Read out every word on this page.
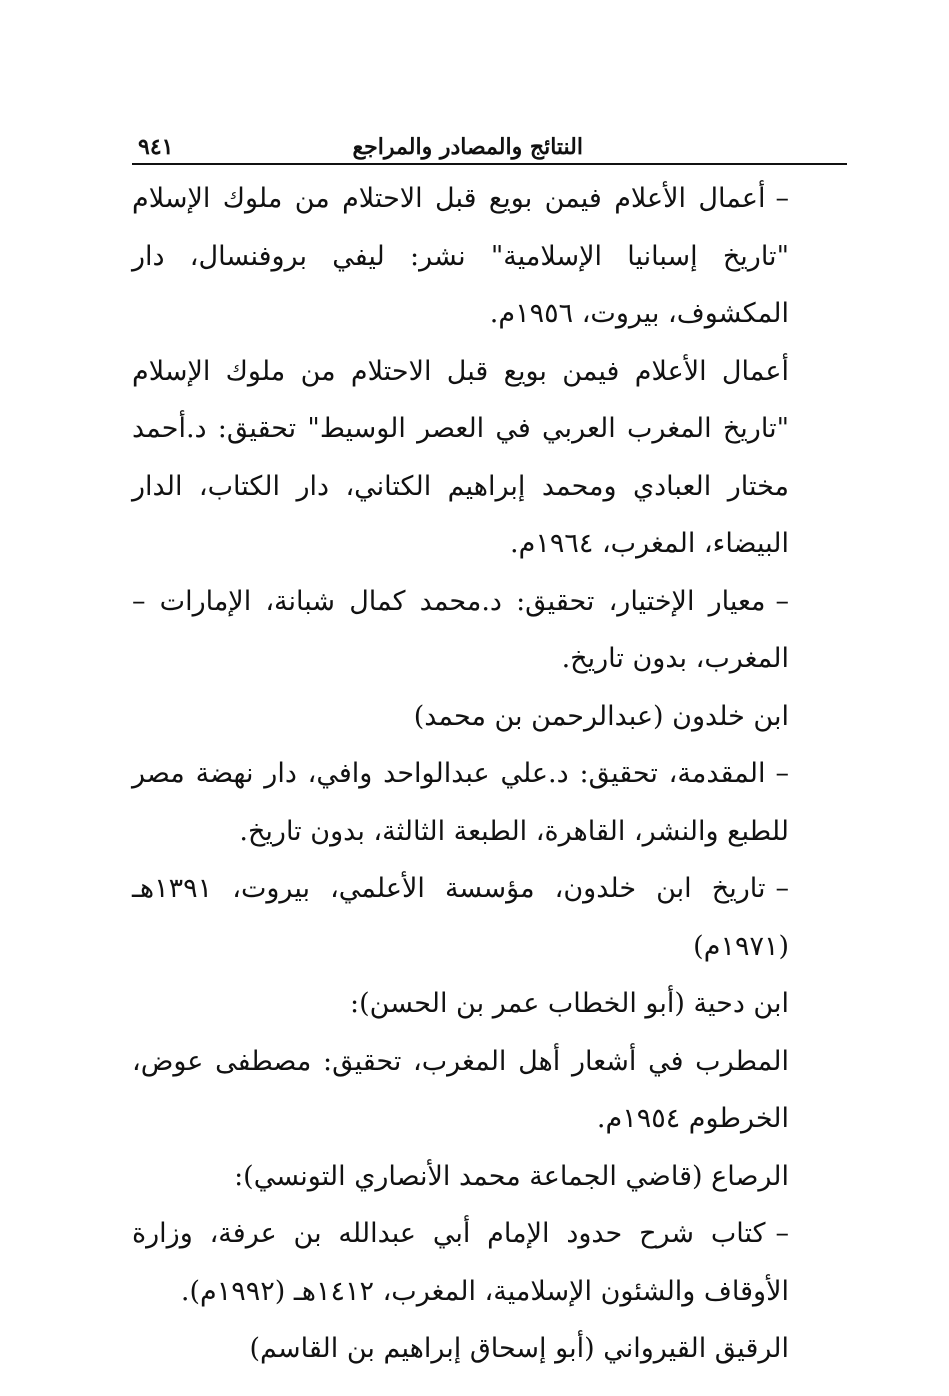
النتائج والمصادر والمراجع
٩٤١

–أعمال الأعلام فيمن بويع قبل الاحتلام من ملوك الإسلام "تاريخ إسبانيا الإسلامية" نشر: ليفي بروفنسال، دار المكشوف، بيروت، ١٩٥٦م.

أعمال الأعلام فيمن بويع قبل الاحتلام من ملوك الإسلام "تاريخ المغرب العربي في العصر الوسيط" تحقيق: د.أحمد مختار العبادي ومحمد إبراهيم الكتاني، دار الكتاب، الدار البيضاء، المغرب، ١٩٦٤م.

–معيار الإختيار، تحقيق: د.محمد كمال شبانة، الإمارات – المغرب، بدون تاريخ.

ابن خلدون (عبدالرحمن بن محمد)

–المقدمة، تحقيق: د.علي عبدالواحد وافي، دار نهضة مصر للطبع والنشر، القاهرة، الطبعة الثالثة، بدون تاريخ.

–تاريخ ابن خلدون، مؤسسة الأعلمي، بيروت، ١٣٩١هـ (١٩٧١م)

ابن دحية (أبو الخطاب عمر بن الحسن):

المطرب في أشعار أهل المغرب، تحقيق: مصطفى عوض، الخرطوم ١٩٥٤م.

الرصاع (قاضي الجماعة محمد الأنصاري التونسي):

–كتاب شرح حدود الإمام أبي عبدالله بن عرفة، وزارة الأوقاف والشئون الإسلامية، المغرب، ١٤١٢هـ (١٩٩٢م).

الرقيق القيرواني (أبو إسحاق إبراهيم بن القاسم)
